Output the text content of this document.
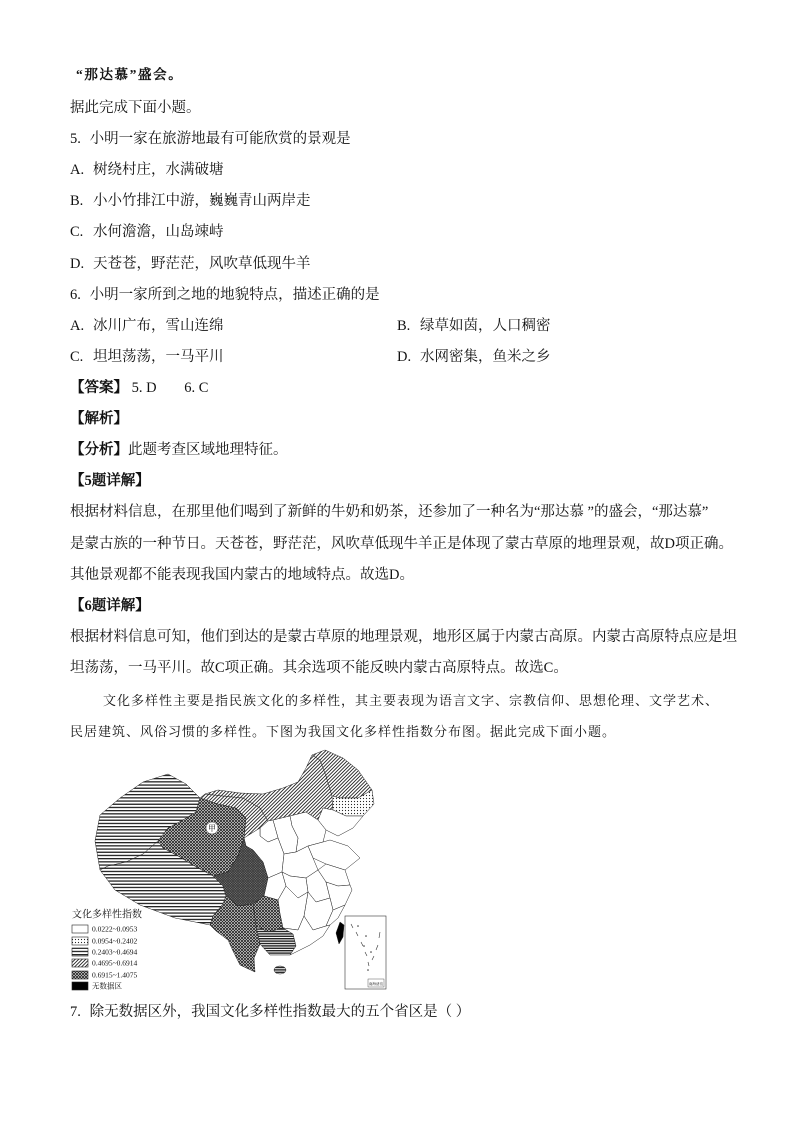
“那达慕”盛会。
据此完成下面小题。
5. 小明一家在旅游地最有可能欣赏的景观是
A. 树绕村庄，水满破塘
B. 小小竹排江中游，巍巍青山两岸走
C. 水何澹澹，山岛竦峙
D. 天苍苍，野茫茫，风吹草低现牛羊
6. 小明一家所到之地的地貌特点，描述正确的是
A. 冰川广布，雪山连绵	B. 绿草如茵，人口稠密
C. 坦坦荡荡，一马平川	D. 水网密集，鱼米之乡
【答案】 5. D 6. C
【解析】
【分析】此题考查区域地理特征。
【5题详解】
根据材料信息，在那里他们喝到了新鲜的牛奶和奶茶，还参加了一种名为“那达慕 ”的盛会，“那达慕”
是蒙古族的一种节日。天苍苍，野茫茫，风吹草低现牛羊正是体现了蒙古草原的地理景观，故D项正确。
其他景观都不能表现我国内蒙古的地域特点。故选D。
【6题详解】
根据材料信息可知，他们到达的是蒙古草原的地理景观，地形区属于内蒙古高原。内蒙古高原特点应是坦
坦荡荡，一马平川。故C项正确。其余选项不能反映内蒙古高原特点。故选C。
文化多样性主要是指民族文化的多样性，其主要表现为语言文字、宗教信仰、思想伦理、文学艺术、
民居建筑、风俗习惯的多样性。下图为我国文化多样性指数分布图。据此完成下面小题。
甲
南海诸岛
文化多样性指数
0.0222~0.0953
0.0954~0.2402
0.2403~0.4694
0.4695~0.6914
0.6915~1.4075
无数据区
7. 除无数据区外，我国文化多样性指数最大的五个省区是（ ）
